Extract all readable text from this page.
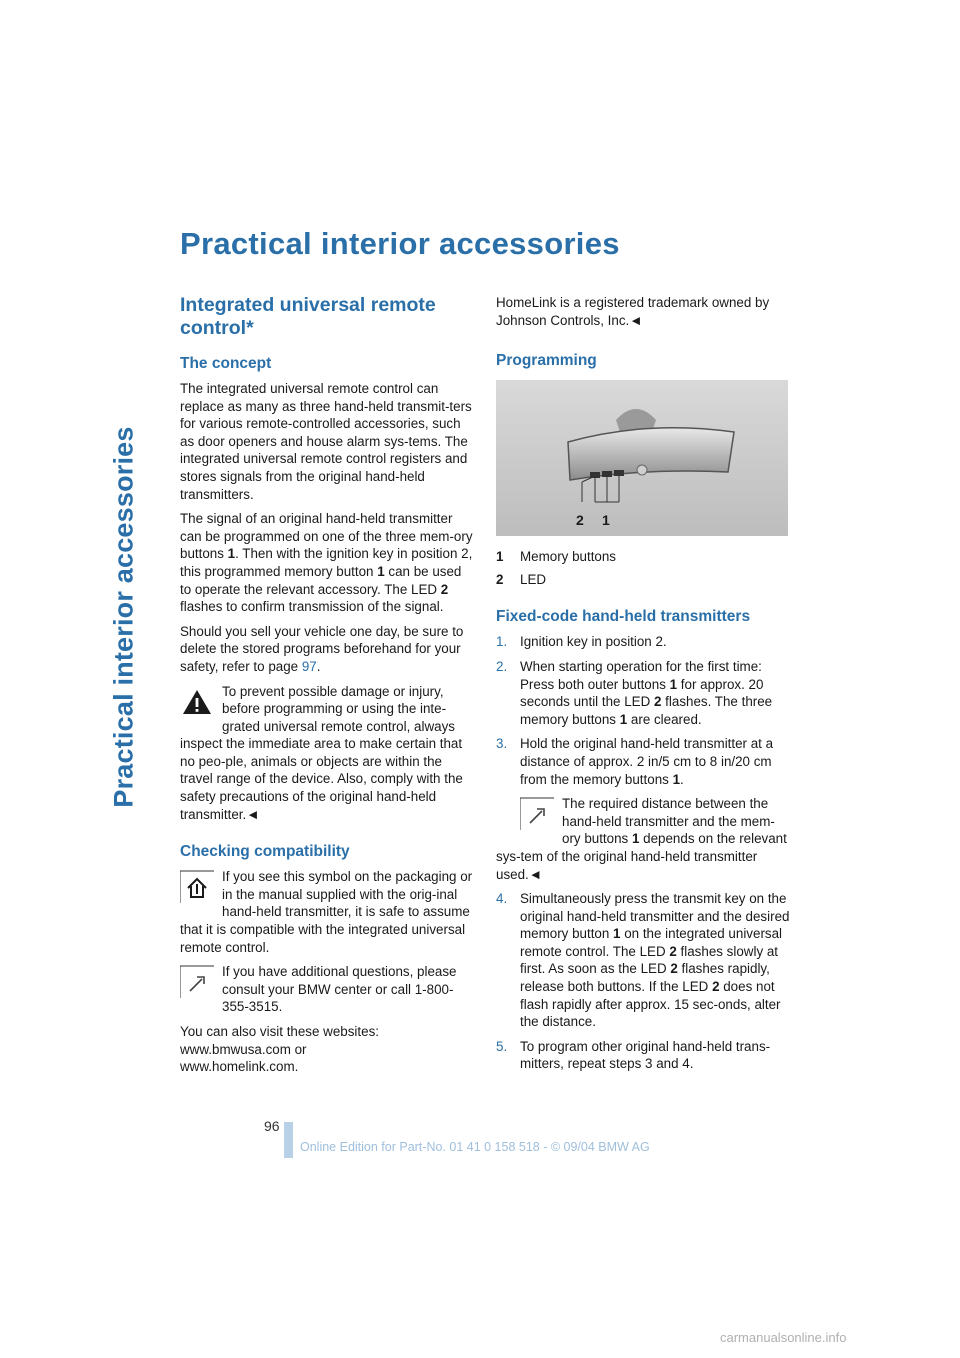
Practical interior accessories
Practical interior accessories
Integrated universal remote control*
The concept

The integrated universal remote control can replace as many as three hand-held transmit-ters for various remote-controlled accessories, such as door openers and house alarm sys-tems. The integrated universal remote control registers and stores signals from the original hand-held transmitters.

The signal of an original hand-held transmitter can be programmed on one of the three mem-ory buttons 1. Then with the ignition key in position 2, this programmed memory button 1 can be used to operate the relevant accessory. The LED 2 flashes to confirm transmission of the signal.

Should you sell your vehicle one day, be sure to delete the stored programs beforehand for your safety, refer to page 97.

To prevent possible damage or injury, before programming or using the inte-grated universal remote control, always inspect the immediate area to make certain that no peo-ple, animals or objects are within the travel range of the device. Also, comply with the safety precautions of the original hand-held transmitter.◄

Checking compatibility

If you see this symbol on the packaging or in the manual supplied with the orig-inal hand-held transmitter, it is safe to assume that it is compatible with the integrated universal remote control.

If you have additional questions, please consult your BMW center or call 1-800-355-3515.

You can also visit these websites:

www.bmwusa.com or

www.homelink.com.

HomeLink is a registered trademark owned by Johnson Controls, Inc.◄

Programming
2 1
1	Memory buttons
2	LED
Fixed-code hand-held transmitters
1. Ignition key in position 2.
2. When starting operation for the first time: Press both outer buttons 1 for approx. 20 seconds until the LED 2 flashes. The three memory buttons 1 are cleared.
3. Hold the original hand-held transmitter at a distance of approx. 2 in/5 cm to 8 in/20 cm from the memory buttons 1.

The required distance between the hand-held transmitter and the mem-ory buttons 1 depends on the relevant sys-tem of the original hand-held transmitter used.◄

4. Simultaneously press the transmit key on the original hand-held transmitter and the desired memory button 1 on the integrated universal remote control. The LED 2 flashes slowly at first. As soon as the LED 2 flashes rapidly, release both buttons. If the LED 2 does not flash rapidly after approx. 15 sec-onds, alter the distance.
5. To program other original hand-held trans-mitters, repeat steps 3 and 4.
96
Online Edition for Part-No. 01 41 0 158 518 - © 09/04 BMW AG
carmanualsonline.info
